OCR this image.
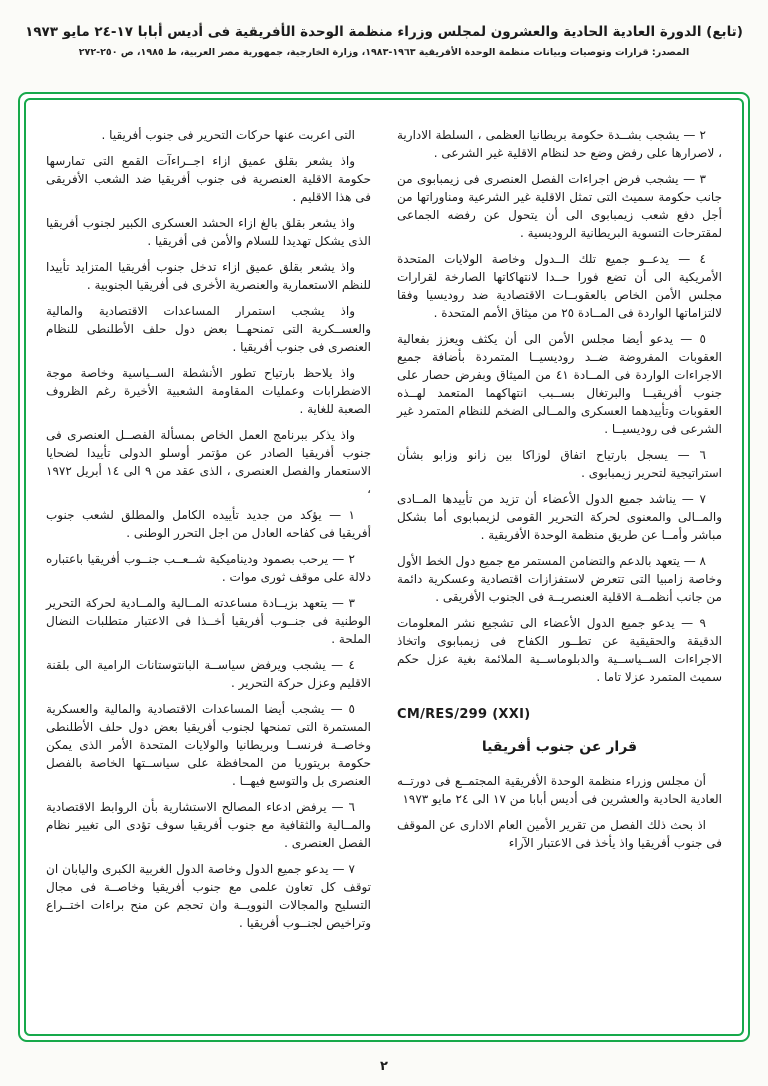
(تابع) الدورة العادية الحادية والعشرون لمجلس وزراء منظمة الوحدة الأفريقية فى أديس أبابا ١٧-٢٤ مايو ١٩٧٣
المصدر: قرارات وتوصيات وبيانات منظمة الوحدة الأفريقية ١٩٦٣-١٩٨٣، وزارة الخارجية، جمهورية مصر العربية، ط ١٩٨٥، ص ٢٥٠-٢٧٢

٢ — يشجب بشــدة حكومة بريطانيا العظمى ، السلطة الادارية ، لاصرارها على رفض وضع حد لنظام الاقلية غير الشرعى .

٣ — يشجب فرض اجراءات الفصل العنصرى فى زيمبابوى من جانب حكومة سميث التى تمثل الاقلية غير الشرعية ومناوراتها من أجل دفع شعب زيمبابوى الى أن يتحول عن رفضه الجماعى لمقترحات التسوية البريطانية الروديسية .

٤ — يدعــو جميع تلك الــدول وخاصة الولايات المتحدة الأمريكية الى أن تضع فورا حــدا لانتهاكاتها الصارخة لقرارات مجلس الأمن الخاص بالعقوبــات الاقتصادية ضد روديسيا وفقا لالتزاماتها الواردة فى المــادة ٢٥ من ميثاق الأمم المتحدة .

٥ — يدعو أيضا مجلس الأمن الى أن يكثف ويعزز بفعالية العقوبات المفروضة ضــد روديسيــا المتمردة بأضافة جميع الاجراءات الواردة فى المــادة ٤١ من الميثاق وبفرض حصار على جنوب أفريقيــا والبرتغال بســبب انتهاكهما المتعمد لهــذه العقوبات وتأييدهما العسكرى والمــالى الضخم للنظام المتمرد غير الشرعى فى روديسيــا .

٦ — يسجل بارتياح اتفاق لوزاكا بين زانو وزابو بشأن استراتيجية لتحرير زيمبابوى .

٧ — يناشد جميع الدول الأعضاء أن تزيد من تأييدها المــادى والمــالى والمعنوى لحركة التحرير القومى لزيمبابوى أما بشكل مباشر وأمــا عن طريق منظمة الوحدة الأفريقية .

٨ — يتعهد بالدعم والتضامن المستمر مع جميع دول الخط الأول وخاصة زامبيا التى تتعرض لاستفزازات اقتصادية وعسكرية دائمة من جانب أنظمــة الاقلية العنصريــة فى الجنوب الأفريقى .

٩ — يدعو جميع الدول الأعضاء الى تشجيع نشر المعلومات الدقيقة والحقيقية عن تطــور الكفاح فى زيمبابوى واتخاذ الاجراءات الســياســية والدبلوماســية الملائمة بغية عزل حكم سميث المتمرد عزلا تاما .

CM/RES/299 (XXI)
قرار عن جنوب أفريقيا

أن مجلس وزراء منظمة الوحدة الأفريقية المجتمــع فى دورتــه العادية الحادية والعشرين فى أديس أبابا من ١٧ الى ٢٤ مايو ١٩٧٣

اذ بحث ذلك الفصل من تقرير الأمين العام الادارى عن الموقف فى جنوب أفريقيا واذ يأخذ فى الاعتبار الآراء

التى اعربت عنها حركات التحرير فى جنوب أفريقيا .

واذ يشعر بقلق عميق ازاء اجــراءآت القمع التى تمارسها حكومة الاقلية العنصرية فى جنوب أفريقيا ضد الشعب الأفريقى فى هذا الاقليم .

واذ يشعر بقلق بالغ ازاء الحشد العسكرى الكبير لجنوب أفريقيا الذى يشكل تهديدا للسلام والأمن فى أفريقيا .

واذ يشعر بقلق عميق ازاء تدخل جنوب أفريقيا المتزايد تأييدا للنظم الاستعمارية والعنصرية الأخرى فى أفريقيا الجنوبية .

واذ يشجب استمرار المساعدات الاقتصادية والمالية والعســكرية التى تمنحهــا بعض دول حلف الأطلنطى للنظام العنصرى فى جنوب أفريقيا .

واذ يلاحظ بارتياح تطور الأنشطة الســياسية وخاصة موجة الاضطرابات وعمليات المقاومة الشعبية الأخيرة رغم الظروف الصعبة للغاية .

واذ يذكر ببرنامج العمل الخاص بمسألة الفصــل العنصرى فى جنوب أفريقيا الصادر عن مؤتمر أوسلو الدولى تأييدا لضحايا الاستعمار والفصل العنصرى ، الذى عقد من ٩ الى ١٤ أبريل ١٩٧٢ ،

١ — يؤكد من جديد تأييده الكامل والمطلق لشعب جنوب أفريقيا فى كفاحه العادل من اجل التحرر الوطنى .

٢ — يرحب بصمود وديناميكية شــعــب جنــوب أفريقيا باعتباره دلالة على موقف ثورى موات .

٣ — يتعهد بزيــادة مساعدته المــالية والمــادية لحركة التحرير الوطنية فى جنــوب أفريقيا أخــذا فى الاعتبار متطلبات النضال الملحة .

٤ — يشجب ويرفض سياســة البانتوستانات الرامية الى بلقنة الاقليم وعزل حركة التحرير .

٥ — يشجب أيضا المساعدات الاقتصادية والمالية والعسكرية المستمرة التى تمنحها لجنوب أفريقيا بعض دول حلف الأطلنطى وخاصــة فرنســا وبريطانيا والولايات المتحدة الأمر الذى يمكن حكومة بريتوريا من المحافظة على سياســتها الخاصة بالفصل العنصرى بل والتوسع فيهــا .

٦ — يرفض ادعاء المصالح الاستشارية بأن الروابط الاقتصادية والمــالية والثقافية مع جنوب أفريقيا سوف تؤدى الى تغيير نظام الفصل العنصرى .

٧ — يدعو جميع الدول وخاصة الدول الغربية الكبرى واليابان ان توقف كل تعاون علمى مع جنوب أفريقيا وخاصــة فى مجال التسليح والمجالات النوويــة وان تحجم عن منح براءات اختــراع وتراخيص لجنــوب أفريقيا .

٢
